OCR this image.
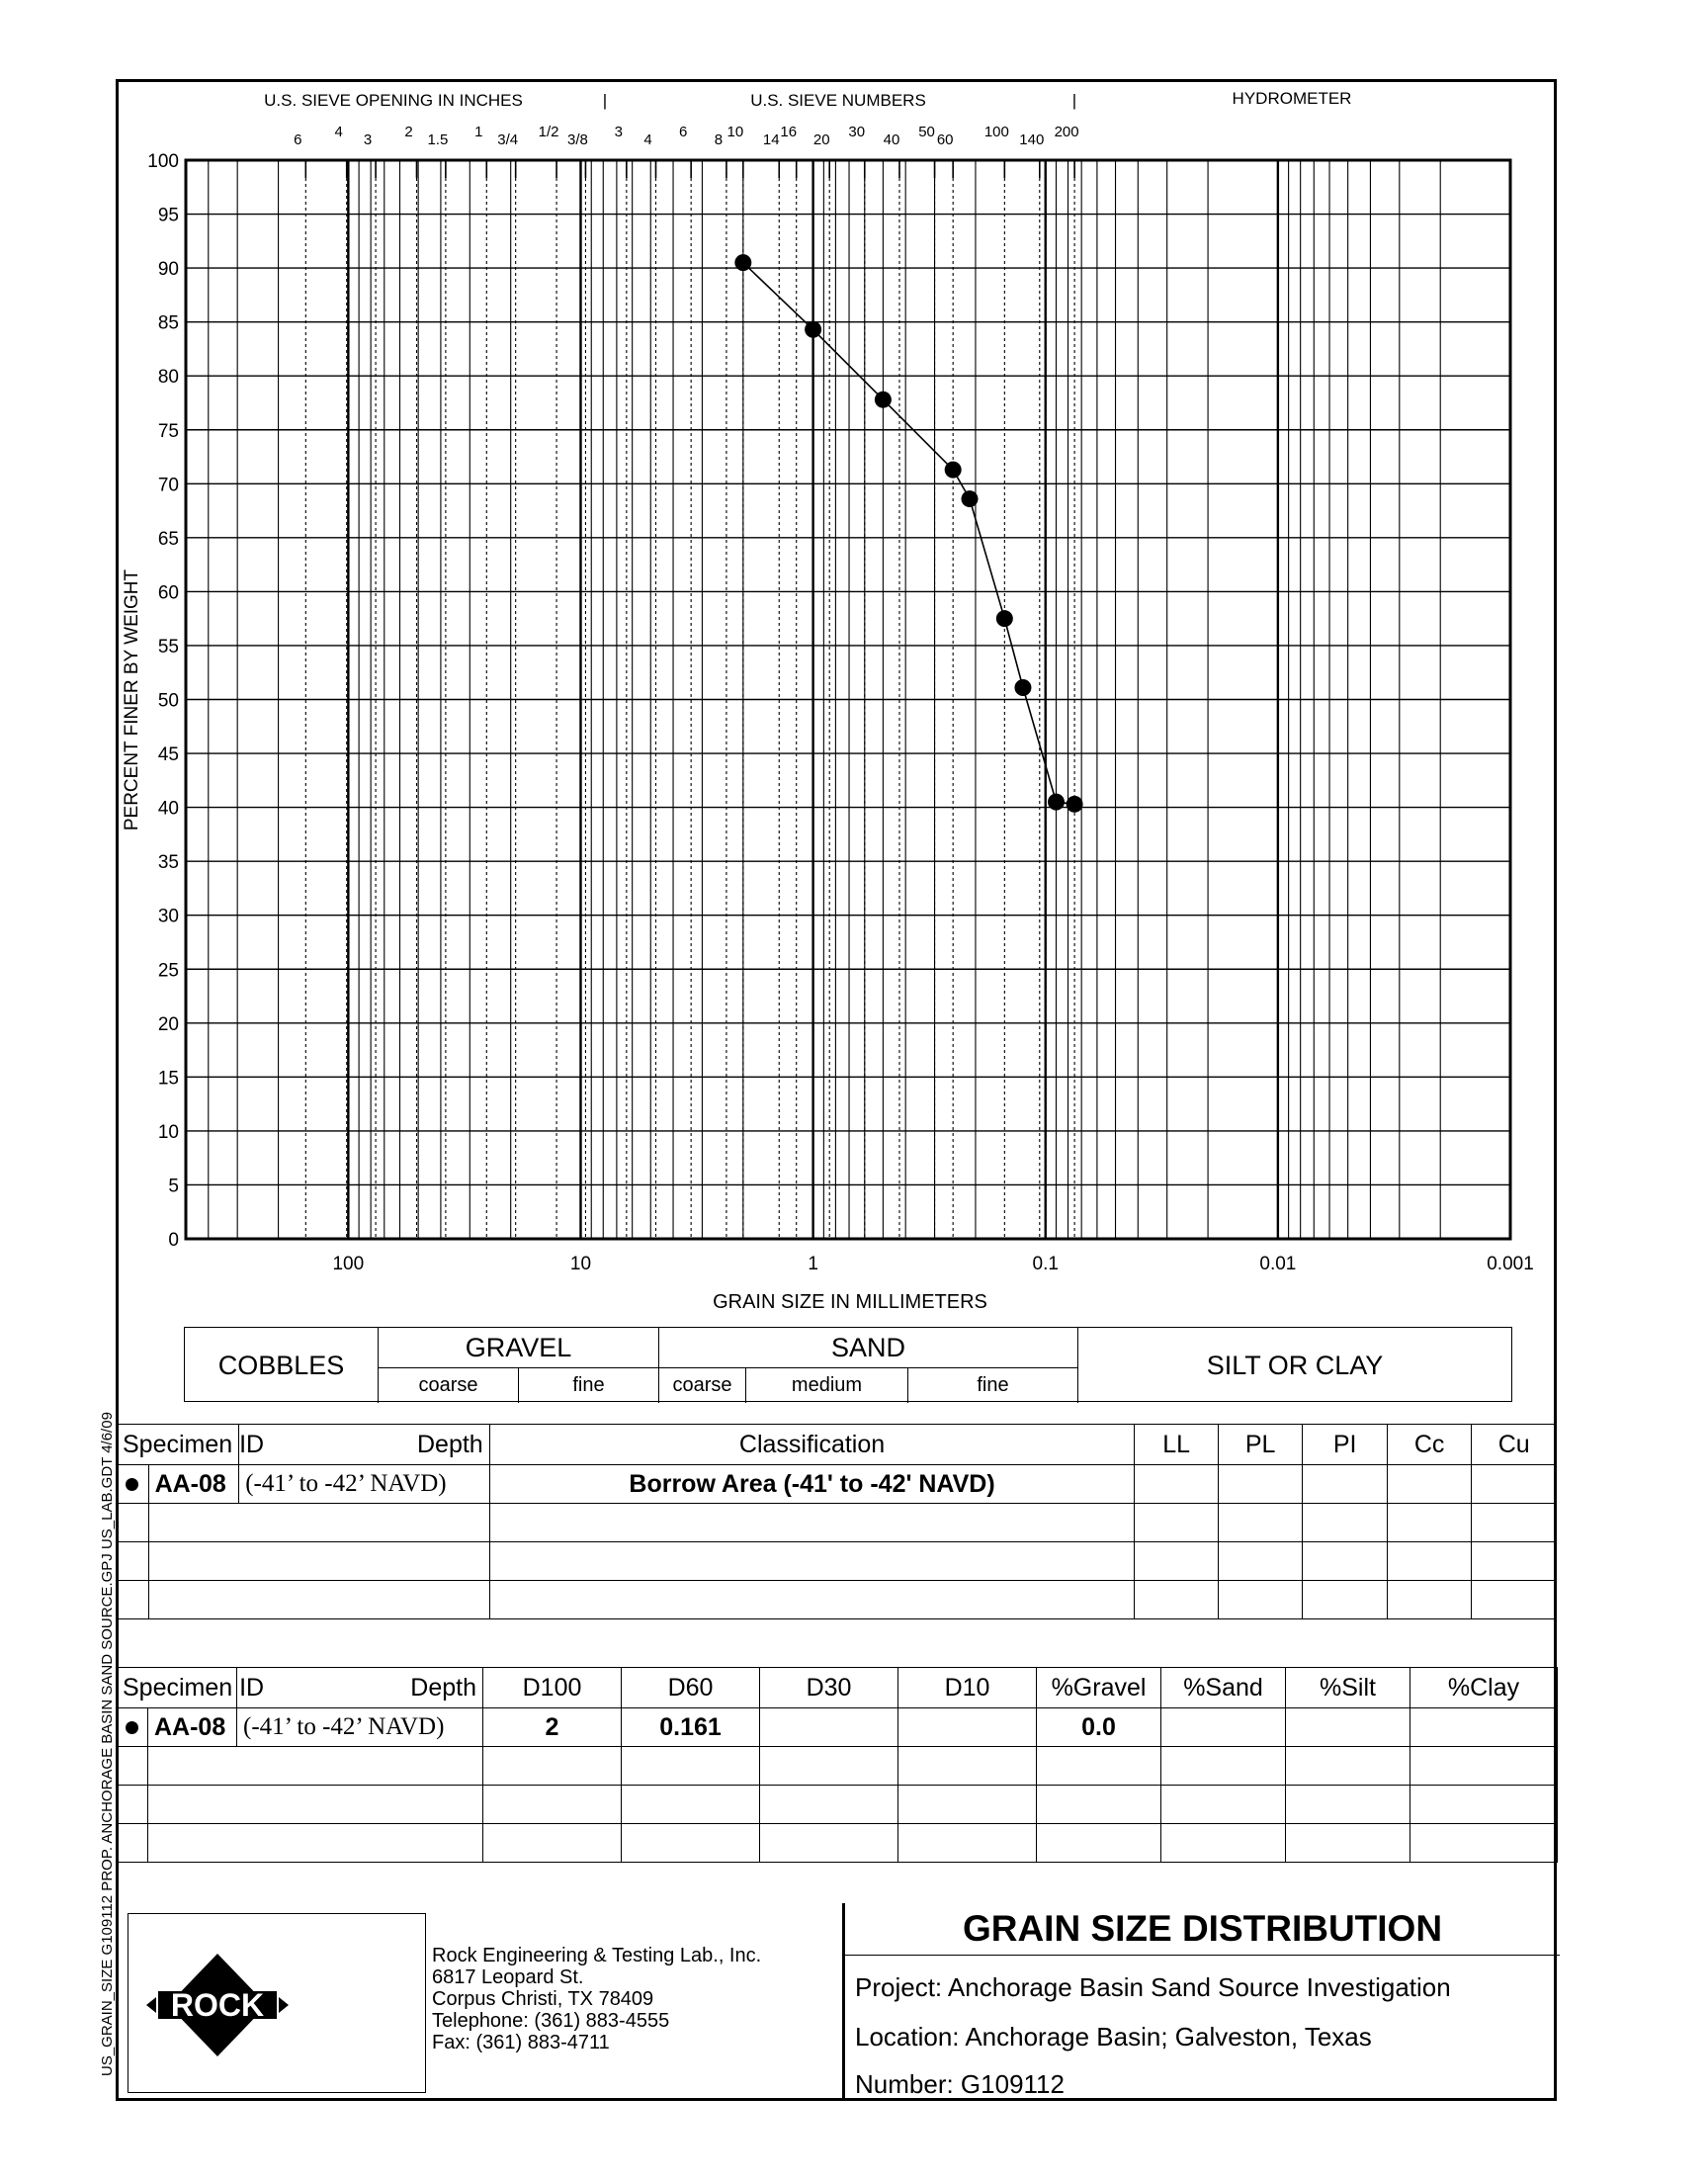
US_GRAIN_SIZE G109112 PROP. ANCHORAGE BASIN SAND SOURCE.GPJ US_LAB.GDT 4/6/09
U.S. SIEVE OPENING IN INCHES	|	U.S. SIEVE NUMBERS	|	HYDROMETER
6 4 3 2 1.5 1 3/4 1/2 3/8 3 4 6 8 10 14 16 20 30 40 50 60 100 140 200
0
5
10
15
20
25
30
35
40
45
50
55
60
65
70
75
80
85
90
95
100
100	10	1	0.1	0.01	0.001
PERCENT FINER BY WEIGHT
GRAIN SIZE IN MILLIMETERS
COBBLES
GRAVEL
coarse	fine
SAND
coarse	medium	fine
SILT OR CLAY
Specimen ID		Depth	Classification	LL	PL	PI	Cc	Cu
	AA-08	(-41’ to -42’ NAVD)	Borrow Area (-41' to -42' NAVD)					

Specimen ID		Depth	D100	D60	D30	D10	%Gravel	%Sand	%Silt	%Clay
	AA-08	(-41’ to -42’ NAVD)	2	0.161			0.0			

ROCK
Rock Engineering & Testing Lab., Inc.
6817 Leopard St.
Corpus Christi, TX 78409
Telephone: (361) 883-4555
Fax: (361) 883-4711
GRAIN SIZE DISTRIBUTION
Project: Anchorage Basin Sand Source Investigation
Location: Anchorage Basin; Galveston, Texas
Number: G109112
